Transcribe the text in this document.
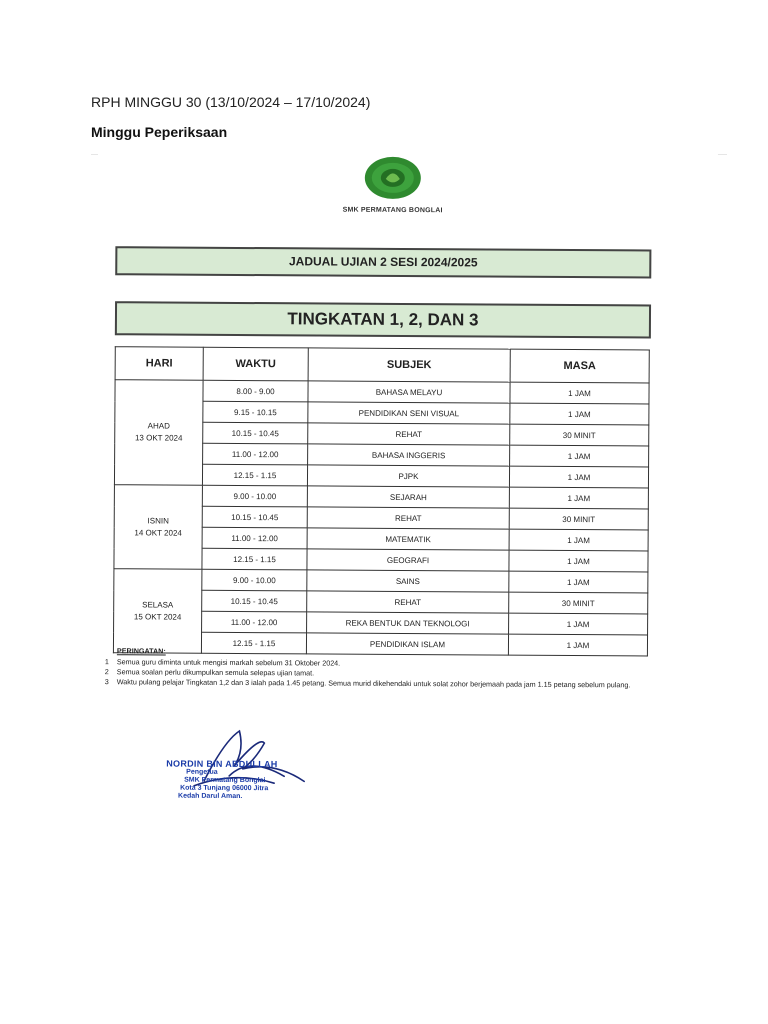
RPH MINGGU 30 (13/10/2024 – 17/10/2024)
Minggu Peperiksaan
SMK PERMATANG BONGLAI
JADUAL UJIAN 2 SESI 2024/2025
TINGKATAN 1, 2, DAN 3
HARI	WAKTU	SUBJEK	MASA

AHAD
13 OKT 2024	8.00 - 9.00	BAHASA MELAYU	1 JAM
	9.15 - 10.15	PENDIDIKAN SENI VISUAL	1 JAM
	10.15 - 10.45	REHAT	30 MINIT
	11.00 - 12.00	BAHASA INGGERIS	1 JAM
	12.15 - 1.15	PJPK	1 JAM

ISNIN
14 OKT 2024	9.00 - 10.00	SEJARAH	1 JAM
	10.15 - 10.45	REHAT	30 MINIT
	11.00 - 12.00	MATEMATIK	1 JAM
	12.15 - 1.15	GEOGRAFI	1 JAM

SELASA
15 OKT 2024	9.00 - 10.00	SAINS	1 JAM
	10.15 - 10.45	REHAT	30 MINIT
	11.00 - 12.00	REKA BENTUK DAN TEKNOLOGI	1 JAM
	12.15 - 1.15	PENDIDIKAN ISLAM	1 JAM
PERINGATAN:
1	Semua guru diminta untuk mengisi markah sebelum 31 Oktober 2024.
2	Semua soalan perlu dikumpulkan semula selepas ujian tamat.
3	Waktu pulang pelajar Tingkatan 1,2 dan 3 ialah pada 1.45 petang. Semua murid dikehendaki untuk solat zohor berjemaah pada jam 1.15 petang sebelum pulang.
NORDIN BIN ABDULLAH
Pengetua
SMK Permatang Bonglai
Kota 3 Tunjang 06000 Jitra
Kedah Darul Aman.
